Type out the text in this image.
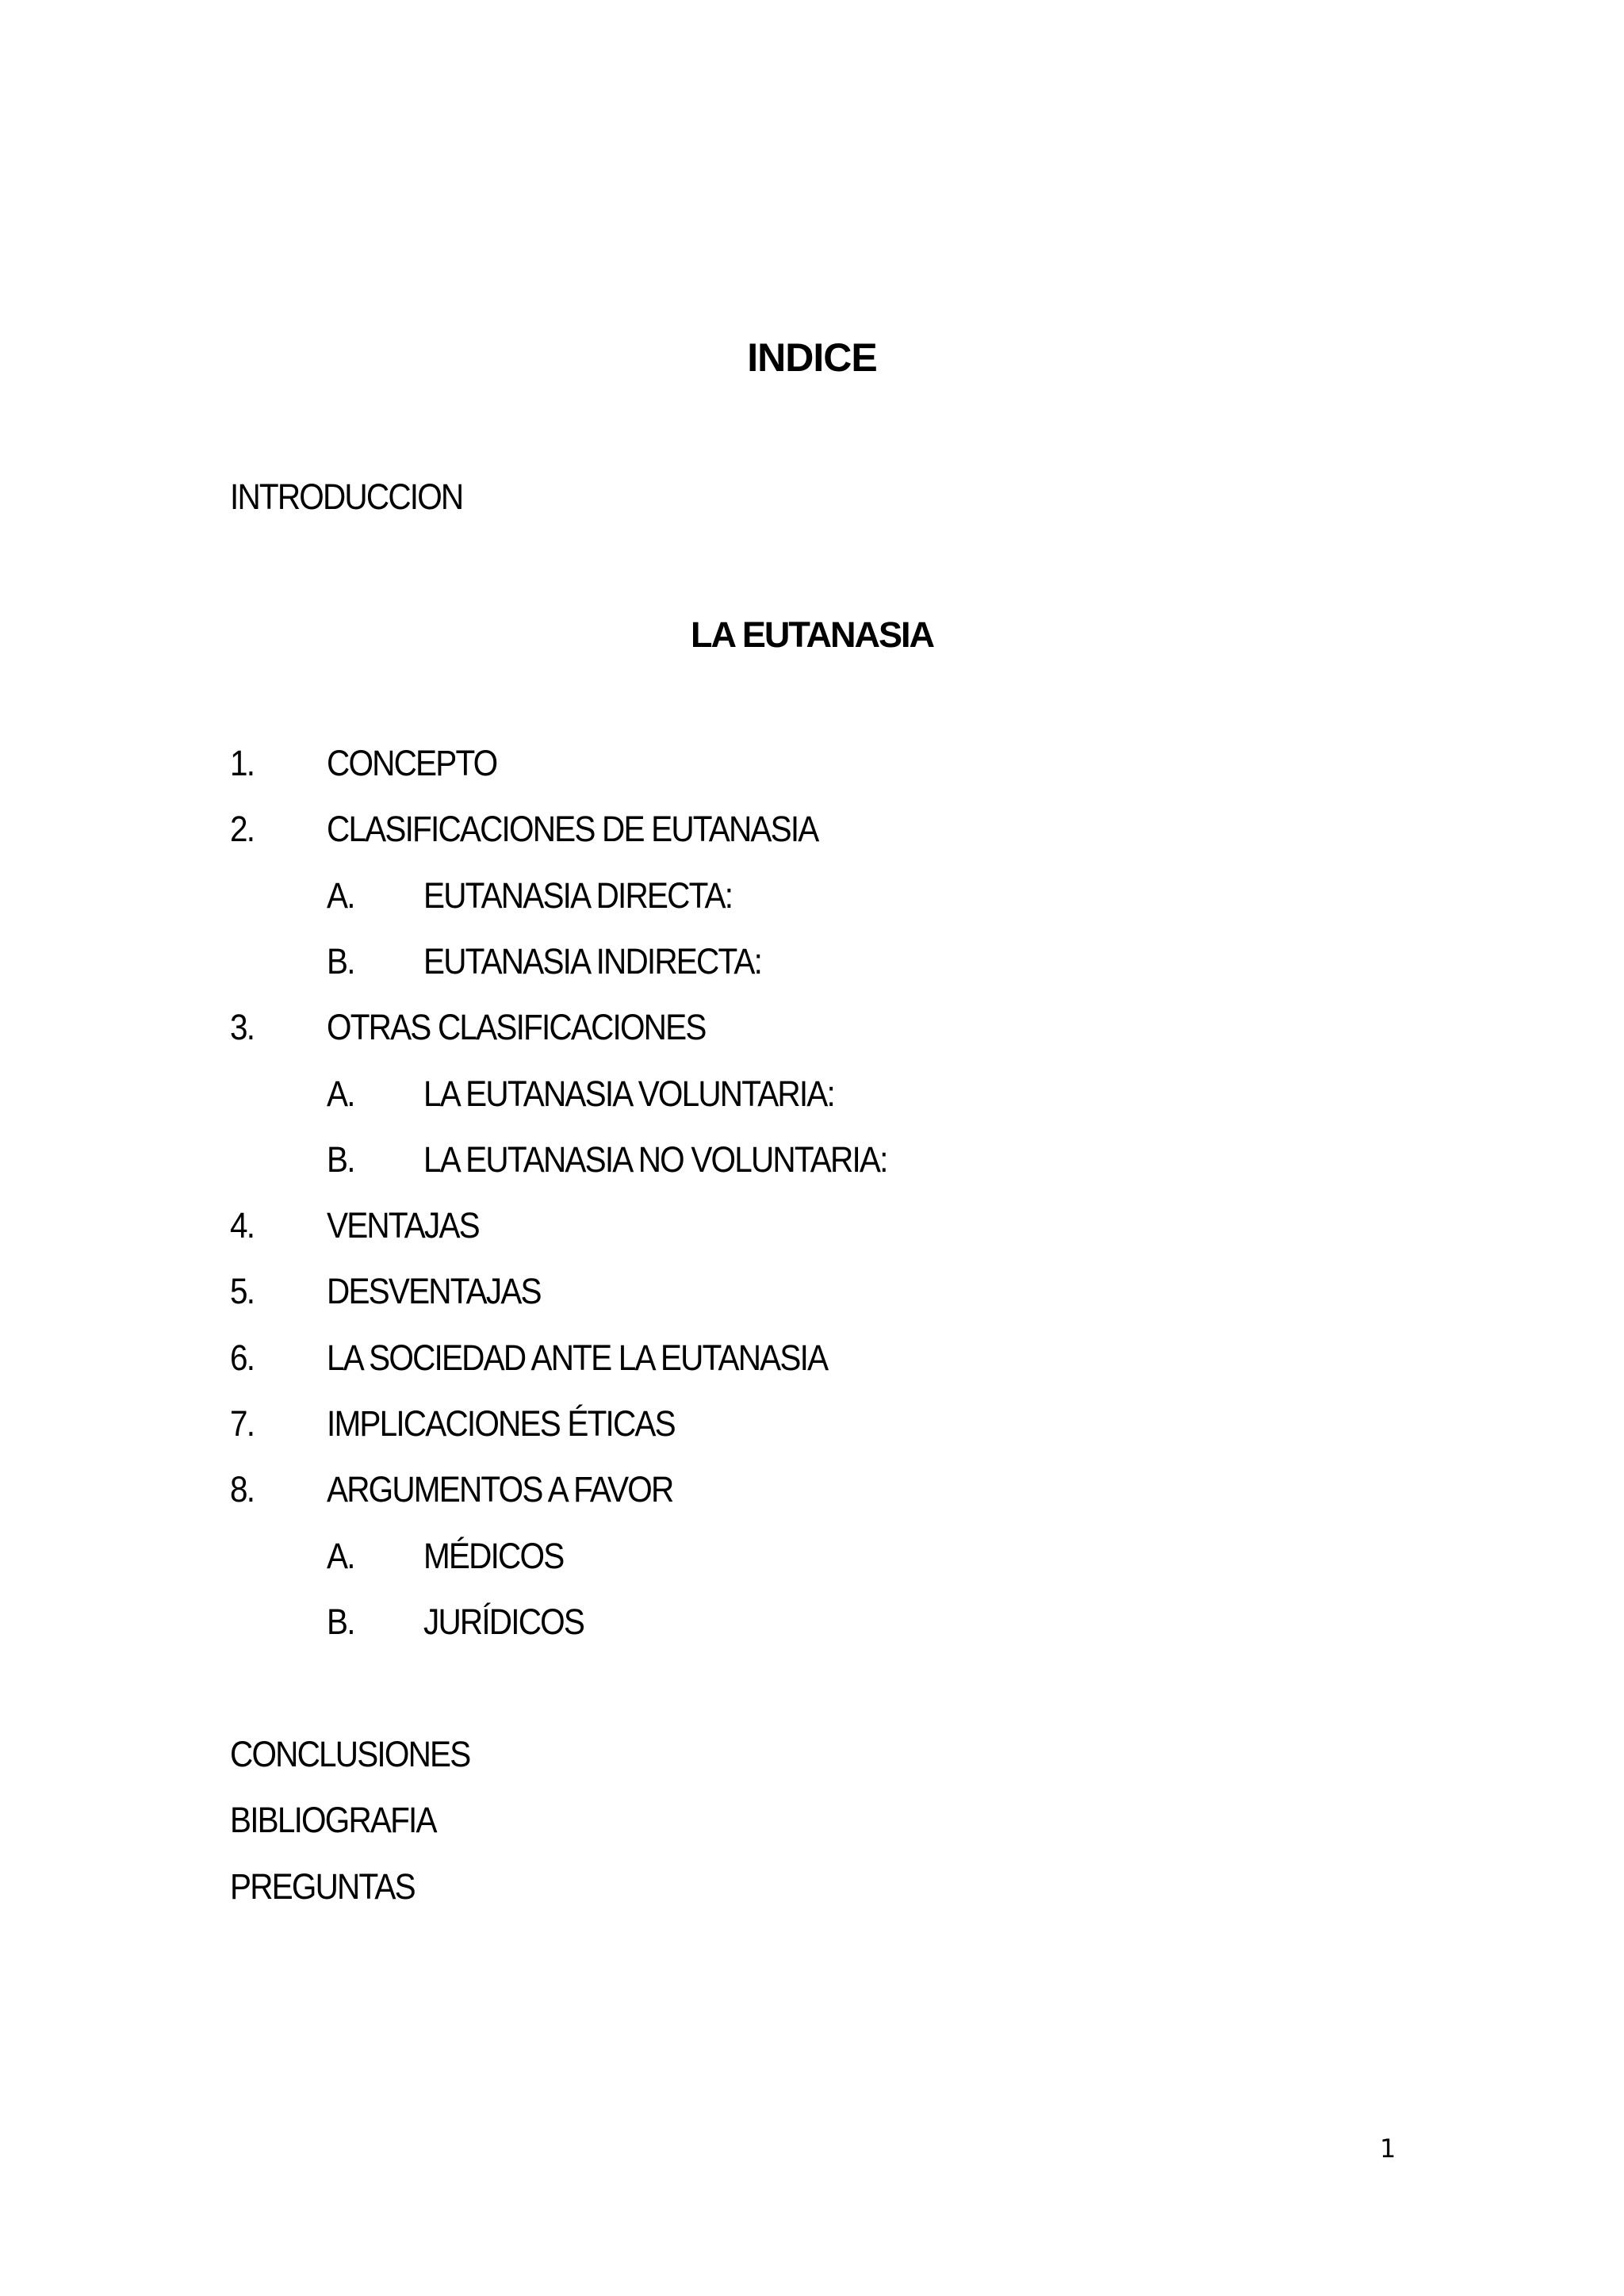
INDICE
INTRODUCCION
LA EUTANASIA
1. CONCEPTO
2. CLASIFICACIONES DE EUTANASIA
A. EUTANASIA DIRECTA:
B. EUTANASIA INDIRECTA:
3. OTRAS CLASIFICACIONES
A. LA EUTANASIA VOLUNTARIA:
B. LA EUTANASIA NO VOLUNTARIA:
4. VENTAJAS
5. DESVENTAJAS
6. LA SOCIEDAD ANTE LA EUTANASIA
7. IMPLICACIONES ÉTICAS
8. ARGUMENTOS A FAVOR
A. MÉDICOS
B. JURÍDICOS
CONCLUSIONES
BIBLIOGRAFIA
PREGUNTAS
1
